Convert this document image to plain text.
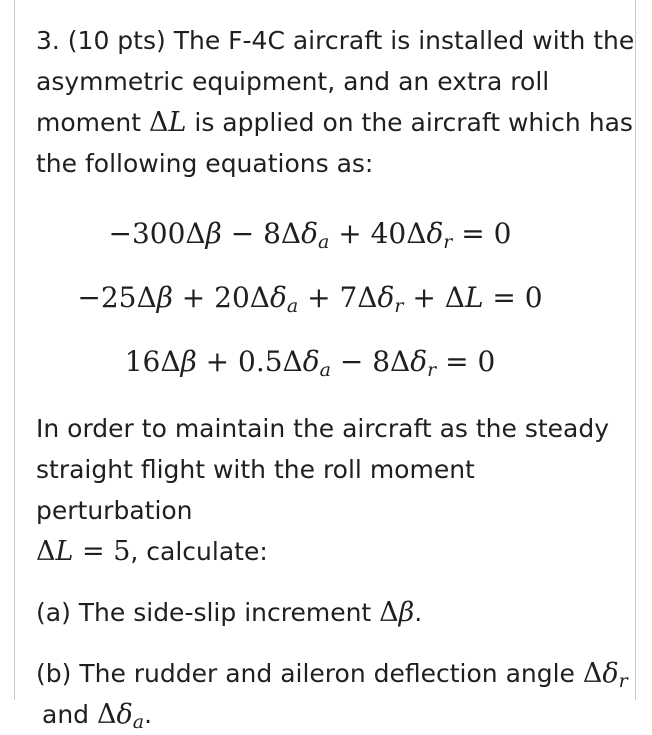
3. (10 pts) The F-4C aircraft is installed with the
asymmetric equipment, and an extra roll
moment ΔL is applied on the aircraft which has
the following equations as:

$-300\Delta\beta - 8\Delta\delta_a + 40\Delta\delta_r = 0$
$-25\Delta\beta + 20\Delta\delta_a + 7\Delta\delta_r + \Delta L = 0$
$16\Delta\beta + 0.5\Delta\delta_a - 8\Delta\delta_r = 0$

In order to maintain the aircraft as the steady
straight flight with the roll moment perturbation
ΔL = 5, calculate:

(a) The side-slip increment Δβ.

(b) The rudder and aileron deflection angle $\Delta\delta_r$
and $\Delta\delta_a$.
